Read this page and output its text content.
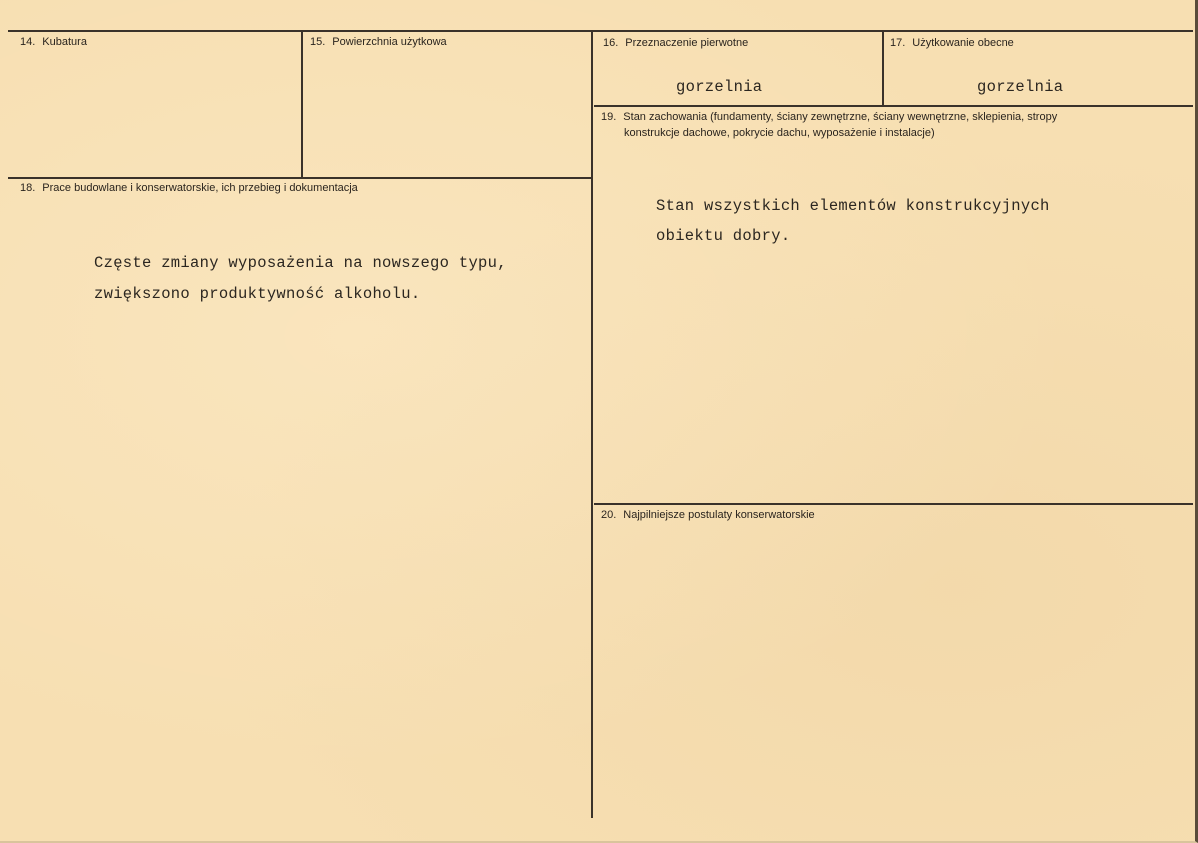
14. Kubatura	15. Powierzchnia użytkowa	16. Przeznaczenie pierwotne
gorzelnia
17. Użytkowanie obecne
gorzelnia
18. Prace budowlane i konserwatorskie, ich przebieg i dokumentacja
Częste zmiany wyposażenia na nowszego typu,
zwiększono produktywność alkoholu.
19. Stan zachowania (fundamenty, ściany zewnętrzne, ściany wewnętrzne, sklepienia, stropy
konstrukcje dachowe, pokrycie dachu, wyposażenie i instalacje)
Stan wszystkich elementów konstrukcyjnych
obiektu dobry.
20. Najpilniejsze postulaty konserwatorskie
